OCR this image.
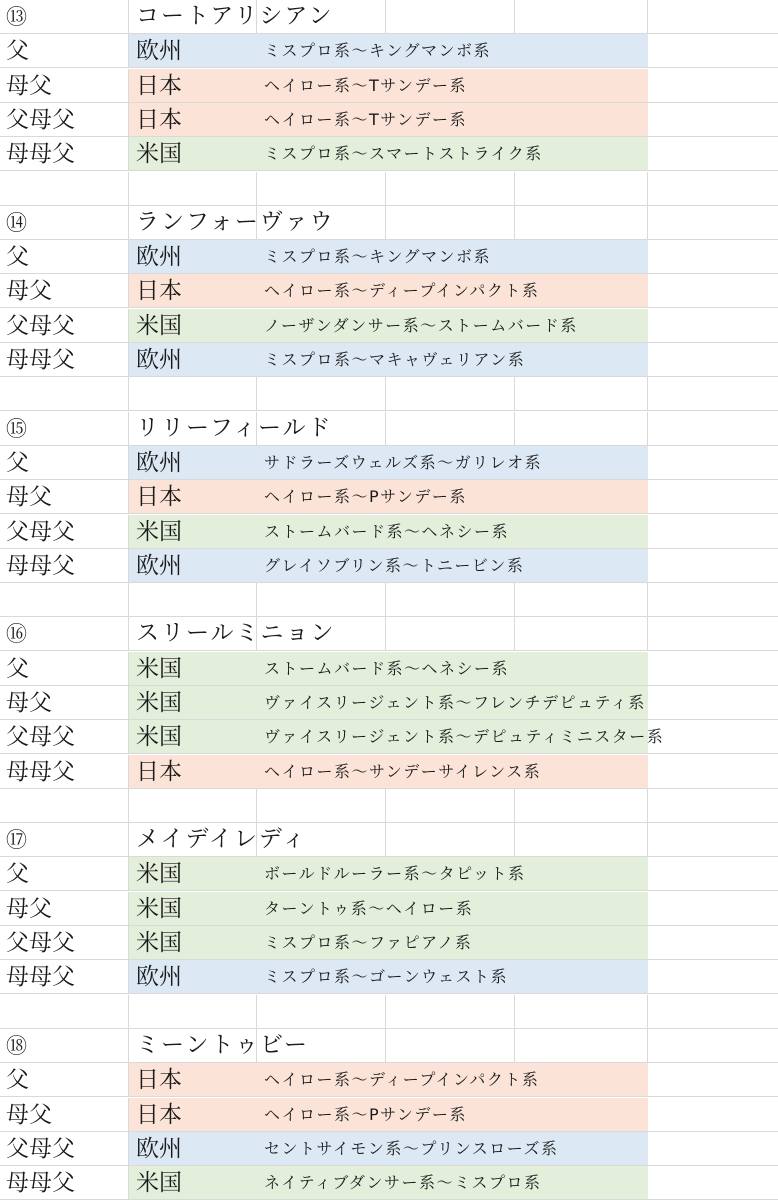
⑬	コートアリシアン
父	欧州	ミスプロ系～キングマンボ系
母父	日本	ヘイロー系～Tサンデー系
父母父	日本	ヘイロー系～Tサンデー系
母母父	米国	ミスプロ系～スマートストライク系
⑭	ランフォーヴァウ
父	欧州	ミスプロ系～キングマンボ系
母父	日本	ヘイロー系～ディープインパクト系
父母父	米国	ノーザンダンサー系～ストームバード系
母母父	欧州	ミスプロ系～マキャヴェリアン系
⑮	リリーフィールド
父	欧州	サドラーズウェルズ系～ガリレオ系
母父	日本	ヘイロー系～Pサンデー系
父母父	米国	ストームバード系～ヘネシー系
母母父	欧州	グレイソブリン系～トニービン系
⑯	スリールミニョン
父	米国	ストームバード系～ヘネシー系
母父	米国	ヴァイスリージェント系～フレンチデピュティ系
父母父	米国	ヴァイスリージェント系～デピュティミニスター系
母母父	日本	ヘイロー系～サンデーサイレンス系
⑰	メイデイレディ
父	米国	ボールドルーラー系～タピット系
母父	米国	ターントゥ系～ヘイロー系
父母父	米国	ミスプロ系～ファピアノ系
母母父	欧州	ミスプロ系～ゴーンウェスト系
⑱	ミーントゥビー
父	日本	ヘイロー系～ディープインパクト系
母父	日本	ヘイロー系～Pサンデー系
父母父	欧州	セントサイモン系～プリンスローズ系
母母父	米国	ネイティブダンサー系～ミスプロ系
